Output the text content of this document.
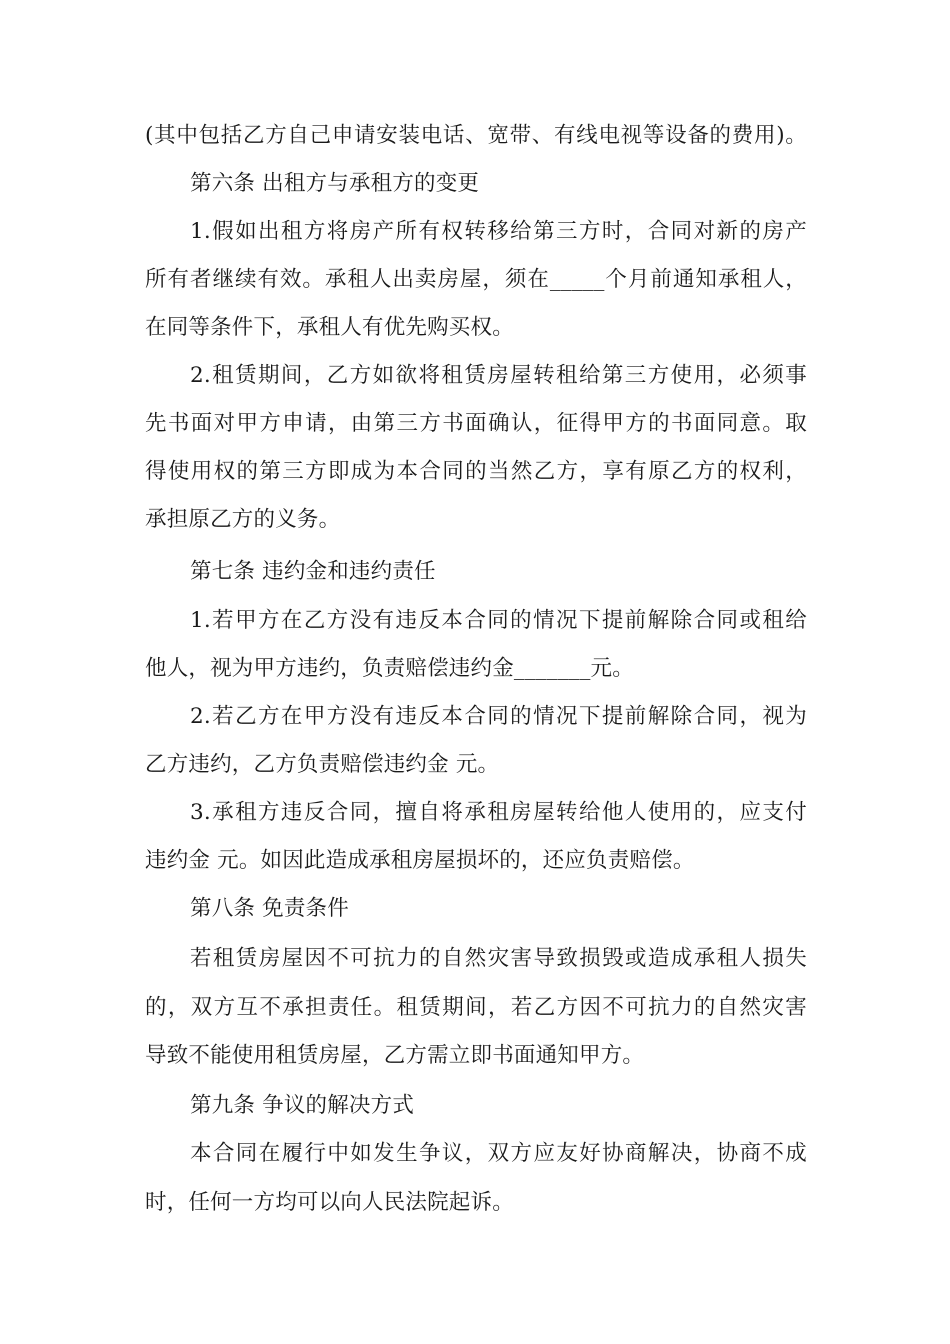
(其中包括乙方自己申请安装电话、宽带、有线电视等设备的费用)。
第六条 出租方与承租方的变更
1.假如出租方将房产所有权转移给第三方时，合同对新的房产
所有者继续有效。承租人出卖房屋，须在_____个月前通知承租人，
在同等条件下，承租人有优先购买权。
2.租赁期间，乙方如欲将租赁房屋转租给第三方使用，必须事
先书面对甲方申请，由第三方书面确认，征得甲方的书面同意。取
得使用权的第三方即成为本合同的当然乙方，享有原乙方的权利，
承担原乙方的义务。
第七条 违约金和违约责任
1.若甲方在乙方没有违反本合同的情况下提前解除合同或租给
他人，视为甲方违约，负责赔偿违约金_______元。
2.若乙方在甲方没有违反本合同的情况下提前解除合同，视为
乙方违约，乙方负责赔偿违约金 元。
3.承租方违反合同，擅自将承租房屋转给他人使用的，应支付
违约金 元。如因此造成承租房屋损坏的，还应负责赔偿。
第八条 免责条件
若租赁房屋因不可抗力的自然灾害导致损毁或造成承租人损失
的，双方互不承担责任。租赁期间，若乙方因不可抗力的自然灾害
导致不能使用租赁房屋，乙方需立即书面通知甲方。
第九条 争议的解决方式
本合同在履行中如发生争议，双方应友好协商解决，协商不成
时，任何一方均可以向人民法院起诉。
